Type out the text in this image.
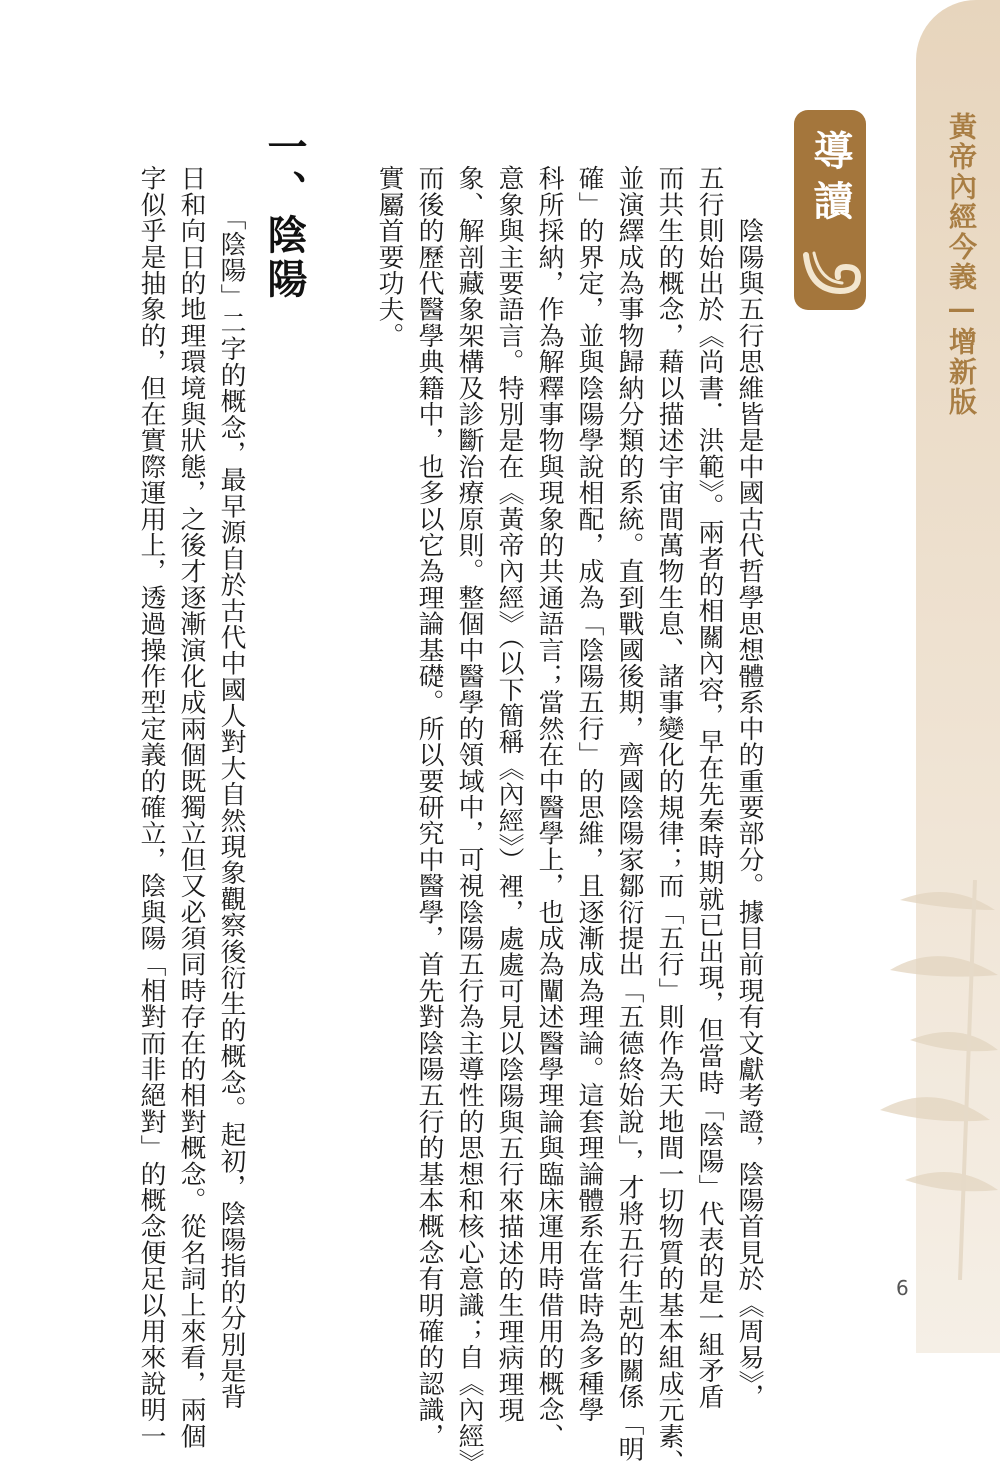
黃帝內經今義—增新版
導讀
　　陰陽與五行思維皆是中國古代哲學思想體系中的重要部分。據目前現有文獻考證，陰陽首見於《周易》，
五行則始出於《尚書．洪範》。兩者的相關內容，早在先秦時期就已出現，但當時「陰陽」代表的是一組矛盾
而共生的概念，藉以描述宇宙間萬物生息、諸事變化的規律；而「五行」則作為天地間一切物質的基本組成元素、
並演繹成為事物歸納分類的系統。直到戰國後期，齊國陰陽家鄒衍提出「五德終始說」，才將五行生剋的關係「明
確」的界定，並與陰陽學說相配，成為「陰陽五行」的思維，且逐漸成為理論。這套理論體系在當時為多種學
科所採納，作為解釋事物與現象的共通語言；當然在中醫學上，也成為闡述醫學理論與臨床運用時借用的概念、
意象與主要語言。特別是在《黃帝內經》（以下簡稱《內經》）裡，處處可見以陰陽與五行來描述的生理病理現
象、解剖藏象架構及診斷治療原則。整個中醫學的領域中，可視陰陽五行為主導性的思想和核心意識；自《內經》
而後的歷代醫學典籍中，也多以它為理論基礎。所以要研究中醫學，首先對陰陽五行的基本概念有明確的認識，
實屬首要功夫。
一、陰陽
　　「陰陽」二字的概念，最早源自於古代中國人對大自然現象觀察後衍生的概念。起初，陰陽指的分別是背
日和向日的地理環境與狀態，之後才逐漸演化成兩個既獨立但又必須同時存在的相對概念。從名詞上來看，兩個
字似乎是抽象的，但在實際運用上，透過操作型定義的確立，陰與陽「相對而非絕對」的概念便足以用來說明一	6
